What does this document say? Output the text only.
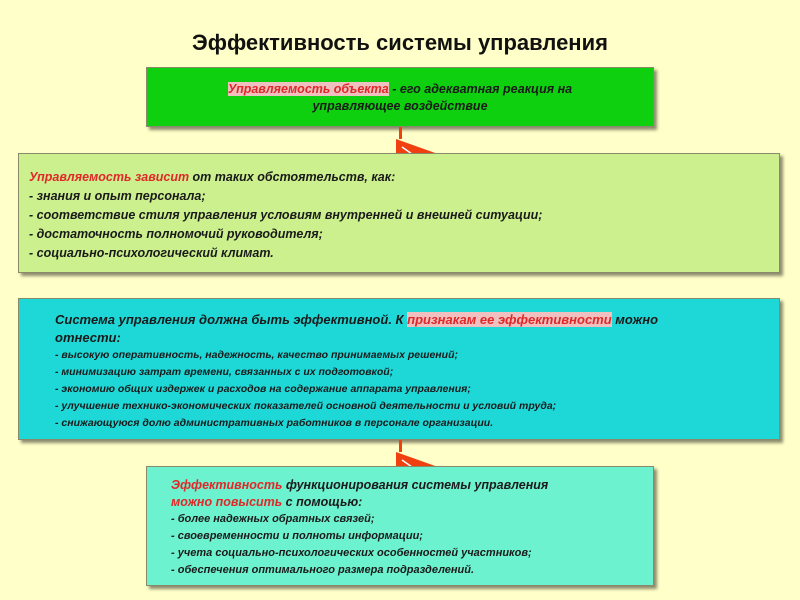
Эффективность системы управления
Управляемость объекта - его адекватная реакция на
управляющее воздействие
Управляемость зависит от таких обстоятельств, как:
- знания и опыт персонала;
- соответствие стиля управления условиям внутренней и внешней ситуации;
- достаточность полномочий руководителя;
- социально-психологический климат.
Система управления должна быть эффективной. К признакам ее эффективности можно
отнести:
- высокую оперативность, надежность, качество принимаемых решений;
- минимизацию затрат времени, связанных с их подготовкой;
- экономию общих издержек и расходов на содержание аппарата управления;
- улучшение технико-экономических показателей основной деятельности и условий труда;
- снижающуюся долю административных работников в персонале организации.
Эффективность функционирования системы управления
можно повысить с помощью:
- более надежных обратных связей;
- своевременности и полноты информации;
- учета социально-психологических особенностей участников;
- обеспечения оптимального размера подразделений.
